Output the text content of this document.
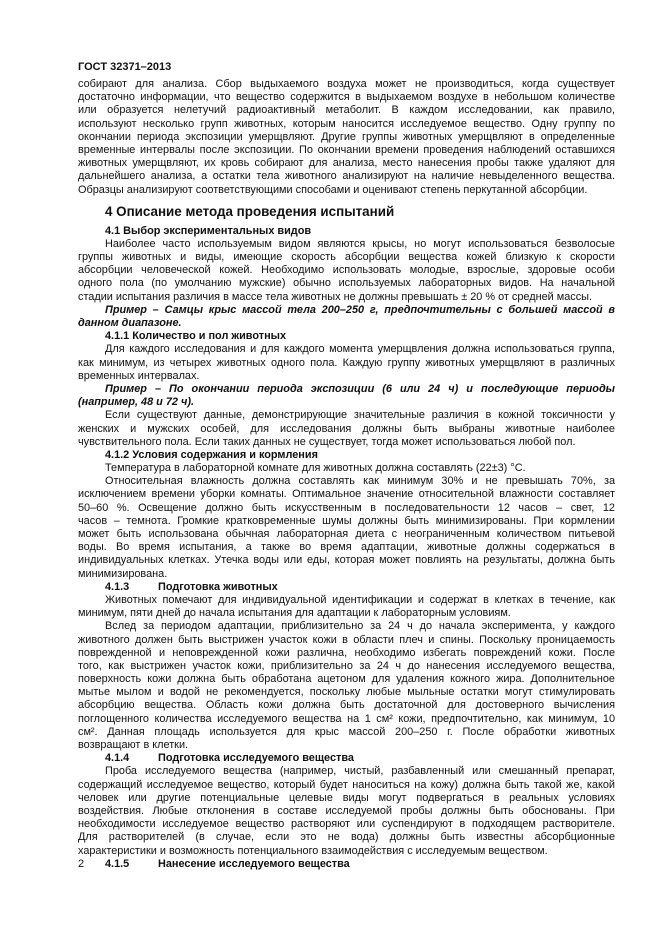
ГОСТ 32371–2013
собирают для анализа. Сбор выдыхаемого воздуха может не производиться, когда существует
достаточно информации, что вещество содержится в выдыхаемом воздухе в небольшом количестве
или образуется нелетучий радиоактивный метаболит. В каждом исследовании, как правило,
используют несколько групп животных, которым наносится исследуемое вещество. Одну группу по
окончании периода экспозиции умерщвляют. Другие группы животных умерщвляют в определенные
временные интервалы после экспозиции. По окончании времени проведения наблюдений оставшихся
животных умерщвляют, их кровь собирают для анализа, место нанесения пробы также удаляют для
дальнейшего анализа, а остатки тела животного анализируют на наличие невыделенного вещества.
Образцы анализируют соответствующими способами и оценивают степень перкутанной абсорбции.
4 Описание метода проведения испытаний
4.1 Выбор экспериментальных видов
Наиболее часто используемым видом являются крысы, но могут использоваться безволосые
группы животных и виды, имеющие скорость абсорбции вещества кожей близкую к скорости
абсорбции человеческой кожей. Необходимо использовать молодые, взрослые, здоровые особи
одного пола (по умолчанию мужские) обычно используемых лабораторных видов. На начальной
стадии испытания различия в массе тела животных не должны превышать ± 20 % от средней массы.
Пример – Самцы крыс массой тела 200–250 г, предпочтительны с большей массой в
данном диапазоне.
4.1.1 Количество и пол животных
Для каждого исследования и для каждого момента умерщвления должна использоваться группа,
как минимум, из четырех животных одного пола. Каждую группу животных умерщвляют в различных
временных интервалах.
Пример – По окончании периода экспозиции (6 или 24 ч) и последующие периоды
(например, 48 и 72 ч).
Если существуют данные, демонстрирующие значительные различия в кожной токсичности у
женских и мужских особей, для исследования должны быть выбраны животные наиболее
чувствительного пола. Если таких данных не существует, тогда может использоваться любой пол.
4.1.2 Условия содержания и кормления
Температура в лабораторной комнате для животных должна составлять (22±3) °С.
Относительная влажность должна составлять как минимум 30% и не превышать 70%, за
исключением времени уборки комнаты. Оптимальное значение относительной влажности составляет
50–60 %. Освещение должно быть искусственным в последовательности 12 часов – свет, 12
часов – темнота. Громкие кратковременные шумы должны быть минимизированы. При кормлении
может быть использована обычная лабораторная диета с неограниченным количеством питьевой
воды. Во время испытания, а также во время адаптации, животные должны содержаться в
индивидуальных клетках. Утечка воды или еды, которая может повлиять на результаты, должна быть
минимизирована.
4.1.3	Подготовка животных
Животных помечают для индивидуальной идентификации и содержат в клетках в течение, как
минимум, пяти дней до начала испытания для адаптации к лабораторным условиям.
Вслед за периодом адаптации, приблизительно за 24 ч до начала эксперимента, у каждого
животного должен быть выстрижен участок кожи в области плеч и спины. Поскольку проницаемость
поврежденной и неповрежденной кожи различна, необходимо избегать повреждений кожи. После
того, как выстрижен участок кожи, приблизительно за 24 ч до нанесения исследуемого вещества,
поверхность кожи должна быть обработана ацетоном для удаления кожного жира. Дополнительное
мытье мылом и водой не рекомендуется, поскольку любые мыльные остатки могут стимулировать
абсорбцию вещества. Область кожи должна быть достаточной для достоверного вычисления
поглощенного количества исследуемого вещества на 1 см² кожи, предпочтительно, как минимум, 10
см². Данная площадь используется для крыс массой 200–250 г. После обработки животных
возвращают в клетки.
4.1.4	Подготовка исследуемого вещества
Проба исследуемого вещества (например, чистый, разбавленный или смешанный препарат,
содержащий исследуемое вещество, который будет наноситься на кожу) должна быть такой же, какой
человек или другие потенциальные целевые виды могут подвергаться в реальных условиях
воздействия. Любые отклонения в составе исследуемой пробы должны быть обоснованы. При
необходимости исследуемое вещество растворяют или суспендируют в подходящем растворителе.
Для растворителей (в случае, если это не вода) должны быть известны абсорбционные
характеристики и возможность потенциального взаимодействия с исследуемым веществом.
4.1.5	Нанесение исследуемого вещества
2
